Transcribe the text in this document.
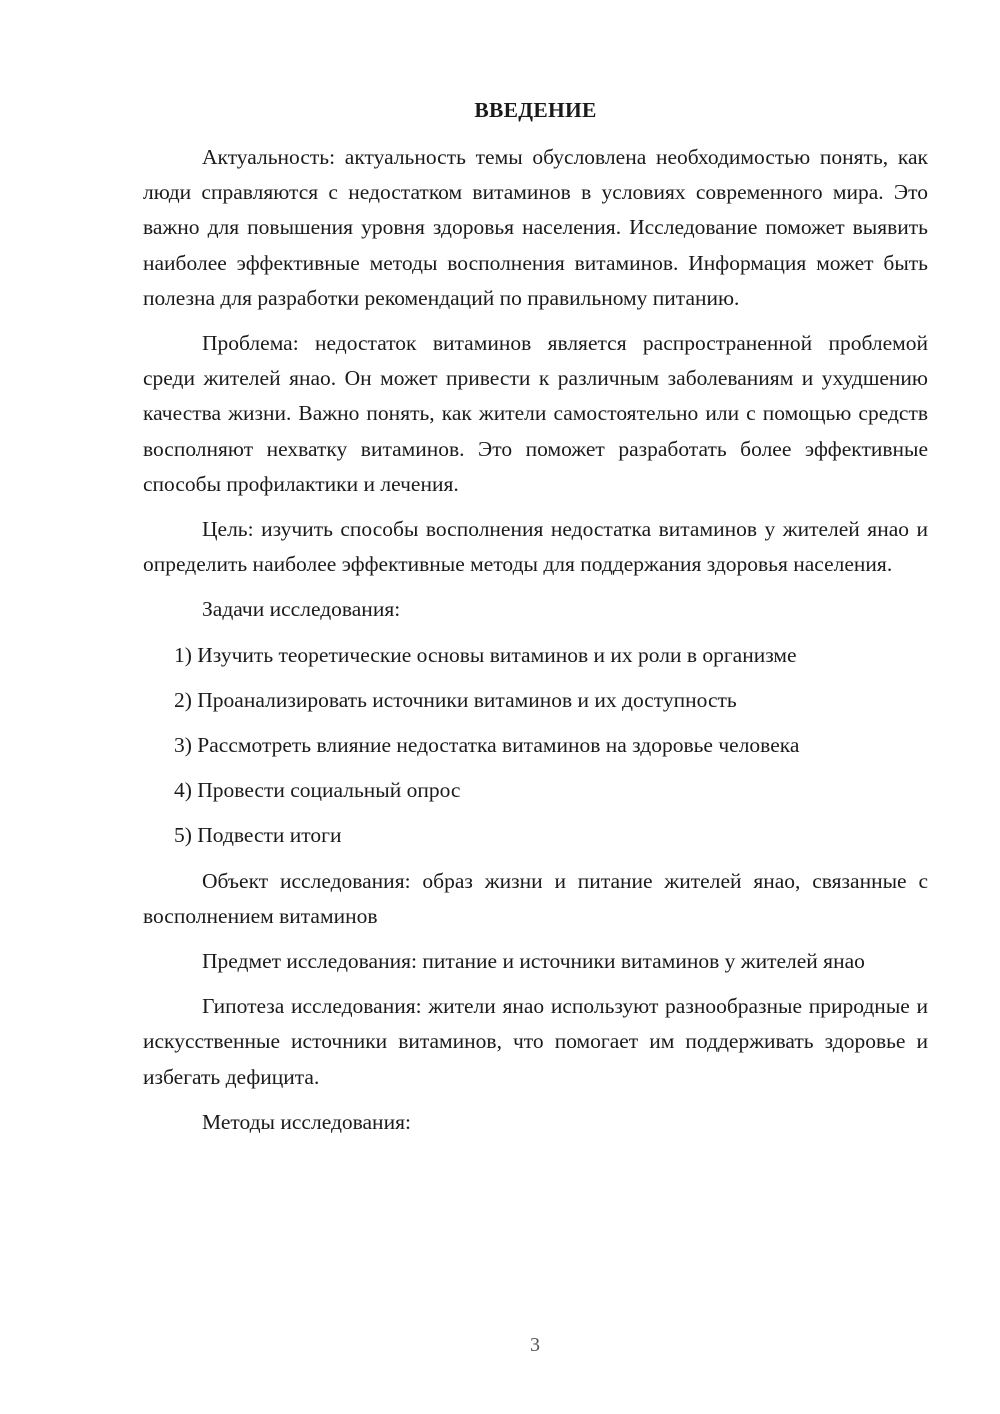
ВВЕДЕНИЕ

Актуальность: актуальность темы обусловлена необходимостью понять, как люди справляются с недостатком витаминов в условиях современного мира. Это важно для повышения уровня здоровья населения. Исследование поможет выявить наиболее эффективные методы восполнения витаминов. Информация может быть полезна для разработки рекомендаций по правильному питанию.

Проблема: недостаток витаминов является распространенной проблемой среди жителей янао. Он может привести к различным заболеваниям и ухудшению качества жизни. Важно понять, как жители самостоятельно или с помощью средств восполняют нехватку витаминов. Это поможет разработать более эффективные способы профилактики и лечения.

Цель: изучить способы восполнения недостатка витаминов у жителей янао и определить наиболее эффективные методы для поддержания здоровья населения.

Задачи исследования:

1) Изучить теоретические основы витаминов и их роли в организме

2) Проанализировать источники витаминов и их доступность

3) Рассмотреть влияние недостатка витаминов на здоровье человека

4) Провести социальный опрос

5) Подвести итоги

Объект исследования: образ жизни и питание жителей янао, связанные с восполнением витаминов

Предмет исследования: питание и источники витаминов у жителей янао

Гипотеза исследования: жители янао используют разнообразные природные и искусственные источники витаминов, что помогает им поддерживать здоровье и избегать дефицита.

Методы исследования:

3
